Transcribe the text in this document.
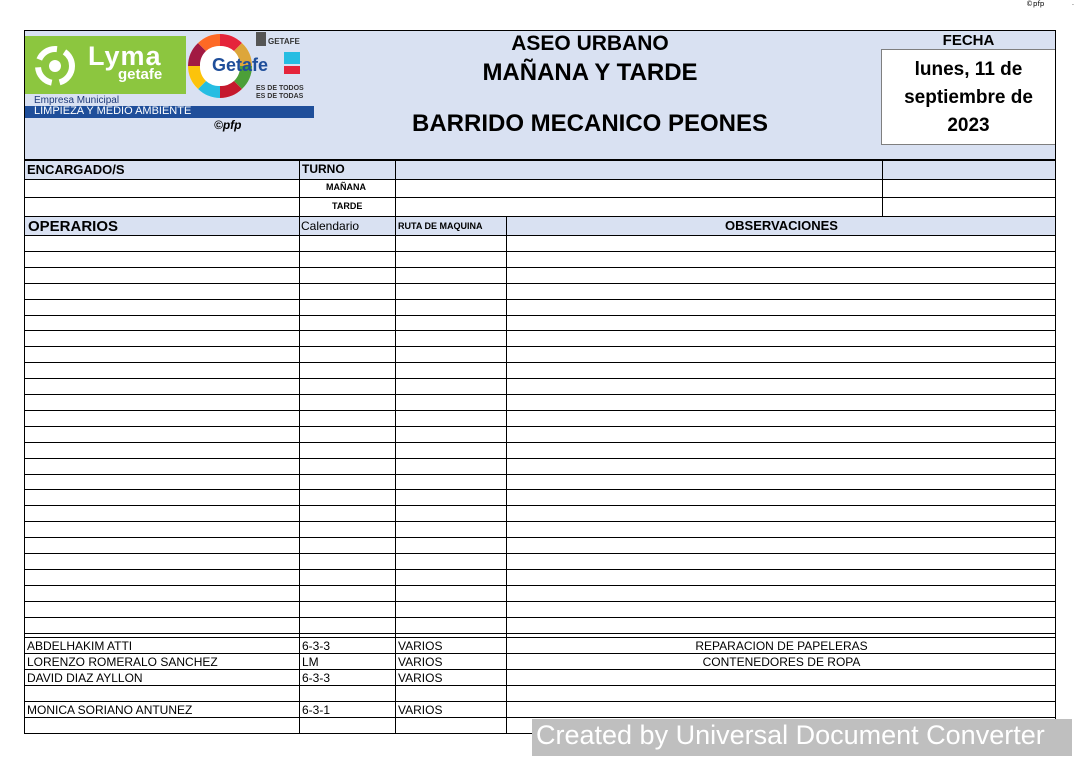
©pfp	.
Lyma
getafe
GETAFE
ES DE TODOS
ES DE TODAS
Getafe
Empresa Municipal
LIMPIEZA Y MEDIO AMBIENTE
©pfp
ASEO URBANO
MAÑANA Y TARDE
BARRIDO MECANICO PEONES
FECHA
lunes, 11 de
septiembre de
2023
ENCARGADO/S	TURNO
MAÑANA
TARDE
OPERARIOS	Calendario	RUTA DE MAQUINA	OBSERVACIONES
ABDELHAKIM ATTI	6-3-3	VARIOS	REPARACION DE PAPELERAS
LORENZO ROMERALO SANCHEZ	LM	VARIOS	CONTENEDORES DE ROPA
DAVID DIAZ AYLLON	6-3-3	VARIOS
MONICA SORIANO ANTUNEZ	6-3-1	VARIOS
Created by Universal Document Converter
